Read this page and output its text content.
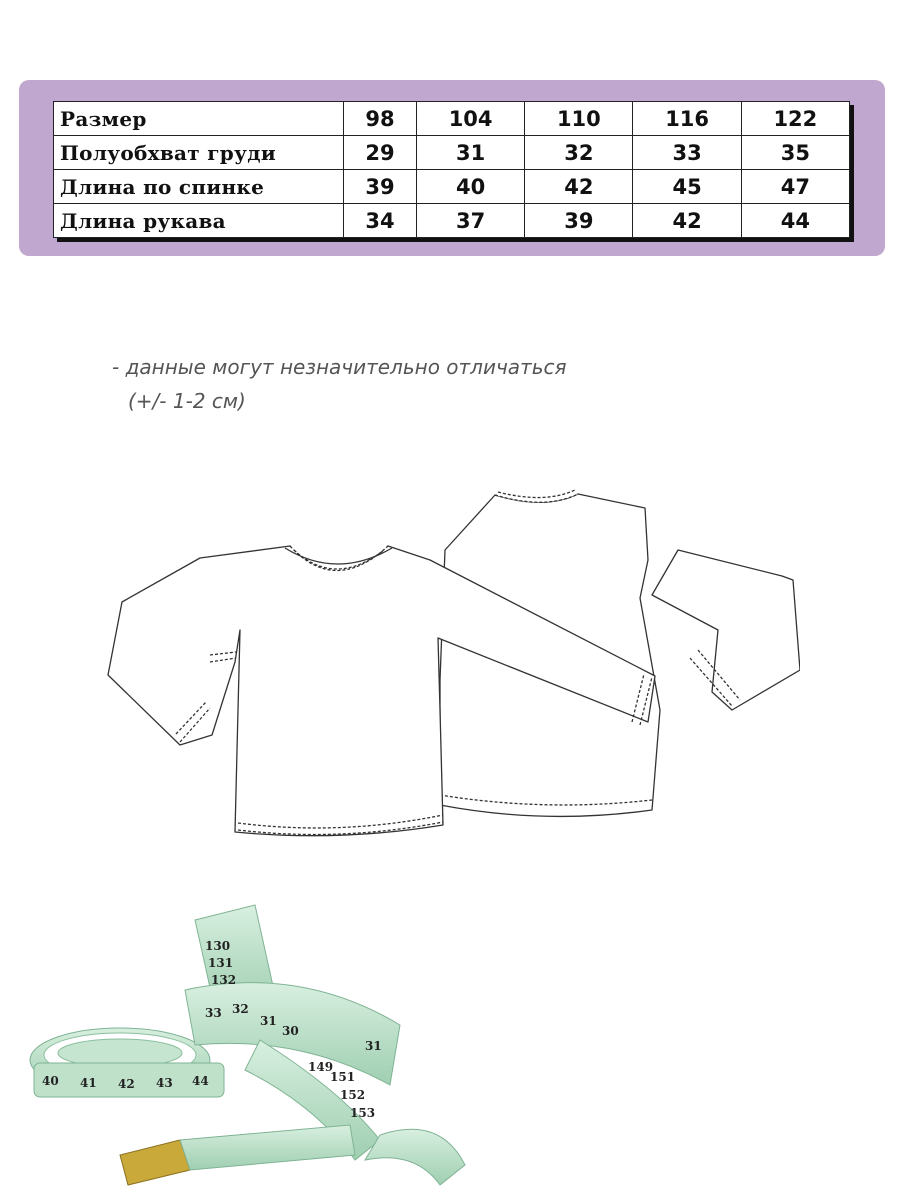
Размер	98	104	110	116	122
Полуобхват груди	29	31	32	33	35
Длина по спинке	39	40	42	45	47
Длина рукава	34	37	39	42	44
- данные могут незначительно отличаться
(+/- 1-2 см)
130
131
132
33 32
31
30
149
151
152
153
31
40 41 42 43 44
